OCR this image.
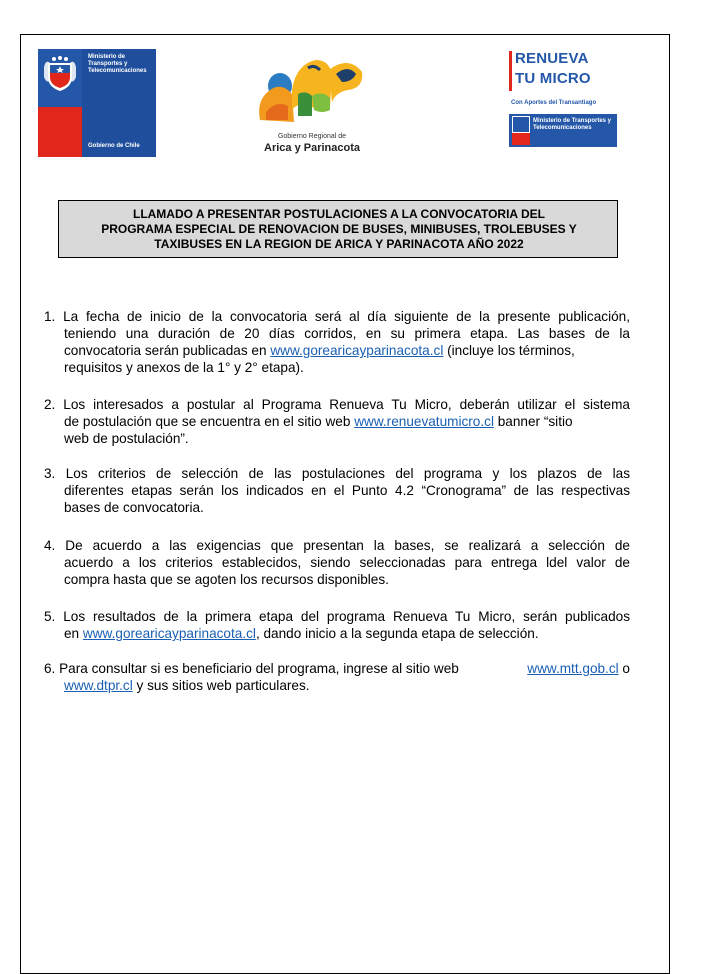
Ministerio de Transportes y Telecomunicaciones
Gobierno de Chile
Gobierno Regional de
Arica y Parinacota
RENUEVA
TU MICRO
Con Aportes del Transantiago
Ministerio de Transportes y Telecomunicaciones
LLAMADO A PRESENTAR POSTULACIONES A LA CONVOCATORIA DEL
PROGRAMA ESPECIAL DE RENOVACION DE BUSES, MINIBUSES, TROLEBUSES Y
TAXIBUSES EN LA REGION DE ARICA Y PARINACOTA AÑO 2022
1. La fecha de inicio de la convocatoria será al día siguiente de la presente publicación,
teniendo una duración de 20 días corridos, en su primera etapa. Las bases de la
convocatoria serán publicadas en www.gorearicayparinacota.cl (incluye los términos,
requisitos y anexos de la 1° y 2° etapa).
2. Los interesados a postular al Programa Renueva Tu Micro, deberán utilizar el sistema
de postulación que se encuentra en el sitio web www.renuevatumicro.cl banner “sitio
web de postulación”.
3. Los criterios de selección de las postulaciones del programa y los plazos de las
diferentes etapas serán los indicados en el Punto 4.2 “Cronograma” de las respectivas
bases de convocatoria.
4. De acuerdo a las exigencias que presentan la bases, se realizará a selección de
acuerdo a los criterios establecidos, siendo seleccionadas para entrega ldel valor de
compra hasta que se agoten los recursos disponibles.
5. Los resultados de la primera etapa del programa Renueva Tu Micro, serán publicados
en www.gorearicayparinacota.cl, dando inicio a la segunda etapa de selección.
6. Para consultar si es beneficiario del programa, ingrese al sitio web	www.mtt.gob.cl o
www.dtpr.cl y sus sitios web particulares.
